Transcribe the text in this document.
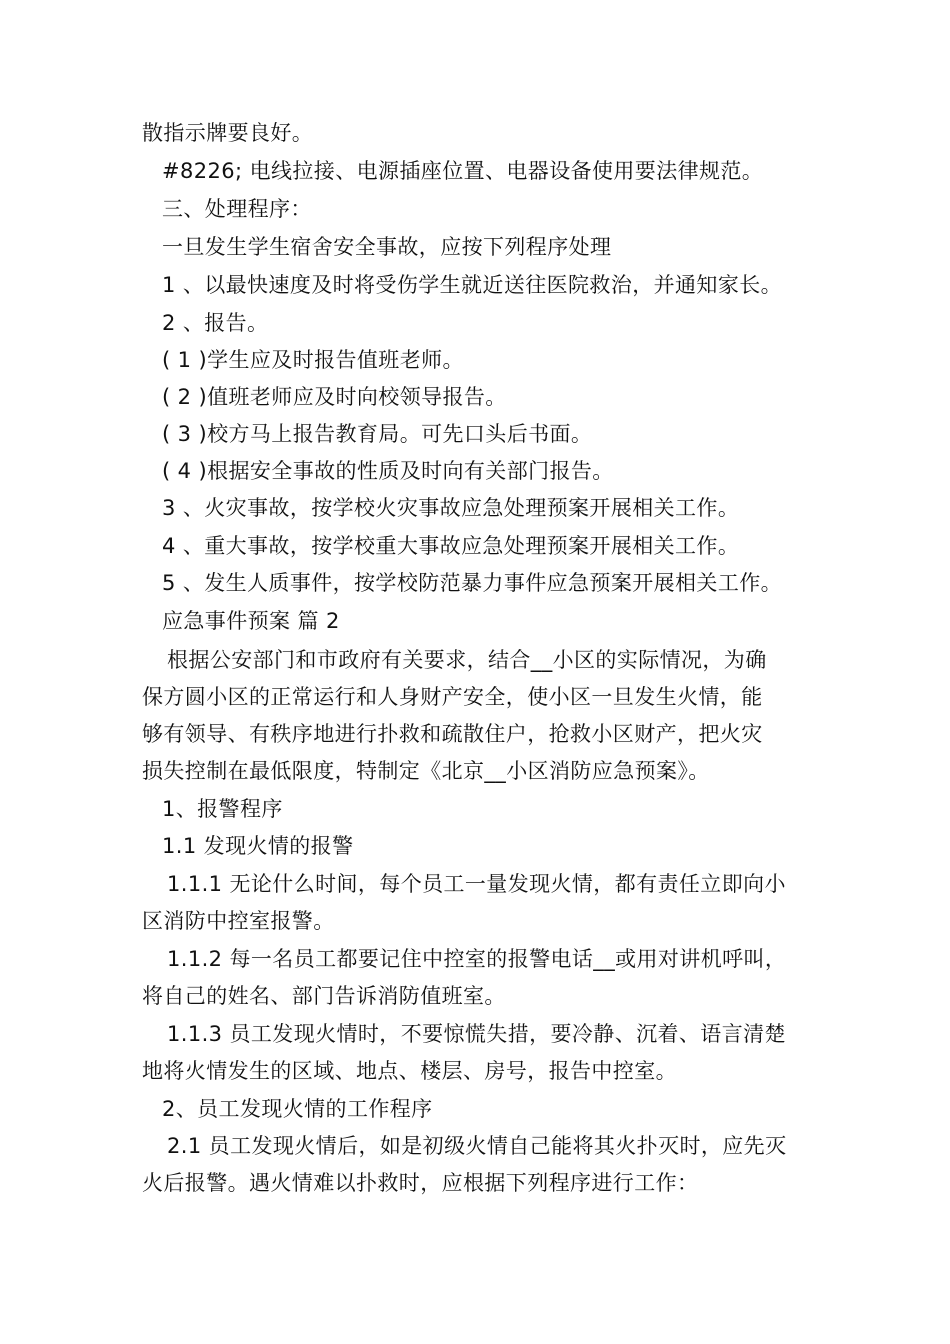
散指示牌要良好。
#8226; 电线拉接、电源插座位置、电器设备使用要法律规范。
三、处理程序：
一旦发生学生宿舍安全事故，应按下列程序处理
1 、以最快速度及时将受伤学生就近送往医院救治，并通知家长。
2 、报告。
( 1 )学生应及时报告值班老师。
( 2 )值班老师应及时向校领导报告。
( 3 )校方马上报告教育局。可先口头后书面。
( 4 )根据安全事故的性质及时向有关部门报告。
3 、火灾事故，按学校火灾事故应急处理预案开展相关工作。
4 、重大事故，按学校重大事故应急处理预案开展相关工作。
5 、发生人质事件，按学校防范暴力事件应急预案开展相关工作。
应急事件预案 篇 2
根据公安部门和市政府有关要求，结合__小区的实际情况，为确
保方圆小区的正常运行和人身财产安全，使小区一旦发生火情，能
够有领导、有秩序地进行扑救和疏散住户，抢救小区财产，把火灾
损失控制在最低限度，特制定《北京__小区消防应急预案》。
1、报警程序
1.1 发现火情的报警
1.1.1 无论什么时间，每个员工一量发现火情，都有责任立即向小
区消防中控室报警。
1.1.2 每一名员工都要记住中控室的报警电话__或用对讲机呼叫，
将自己的姓名、部门告诉消防值班室。
1.1.3 员工发现火情时，不要惊慌失措，要冷静、沉着、语言清楚
地将火情发生的区域、地点、楼层、房号，报告中控室。
2、员工发现火情的工作程序
2.1 员工发现火情后，如是初级火情自己能将其火扑灭时，应先灭
火后报警。遇火情难以扑救时，应根据下列程序进行工作：
